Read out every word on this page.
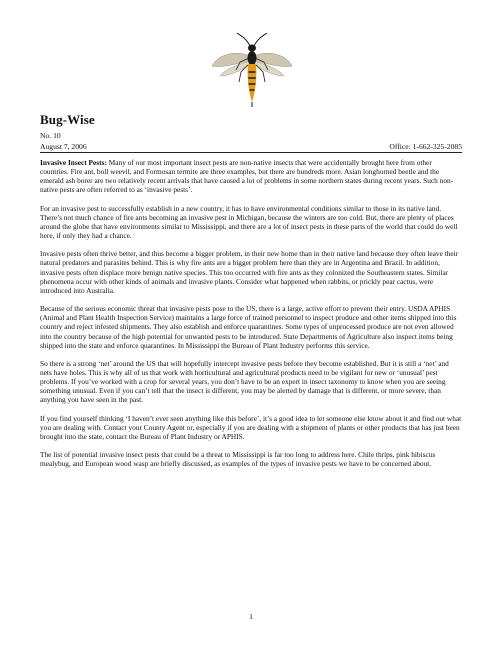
Bug-Wise
No. 10
August 7, 2006	Office: 1-662-325-2085

Invasive Insect Pests: Many of our most important insect pests are non-native insects that were accidentally brought here from other countries. Fire ant, boll weevil, and Formosan termite are three examples, but there are hundreds more. Asian longhorned beetle and the emerald ash borer are two relatively recent arrivals that have caused a lot of problems in some northern states during recent years. Such non-native pests are often referred to as ‘invasive pests’.

For an invasive pest to successfully establish in a new country, it has to have environmental conditions similar to those in its native land. There’s not much chance of fire ants becoming an invasive pest in Michigan, because the winters are too cold. But, there are plenty of places around the globe that have environments similar to Mississippi, and there are a lot of insect pests in these parts of the world that could do well here, if only they had a chance.

Invasive pests often thrive better, and thus become a bigger problem, in their new home than in their native land because they often leave their natural predators and parasites behind. This is why fire ants are a bigger problem here than they are in Argentina and Brazil. In addition, invasive pests often displace more benign native species. This too occurred with fire ants as they colonized the Southeastern states. Similar phenomena occur with other kinds of animals and invasive plants. Consider what happened when rabbits, or prickly pear cactus, were introduced into Australia.

Because of the serious economic threat that invasive pests pose to the US, there is a large, active effort to prevent their entry. USDA APHIS (Animal and Plant Health Inspection Service) maintains a large force of trained personnel to inspect produce and other items shipped into this country and reject infested shipments. They also establish and enforce quarantines. Some types of unprocessed produce are not even allowed into the country because of the high potential for unwanted pests to be introduced. State Departments of Agriculture also inspect items being shipped into the state and enforce quarantines. In Mississippi the Bureau of Plant Industry performs this service.

So there is a strong ‘net’ around the US that will hopefully intercept invasive pests before they become established. But it is still a ‘net’ and nets have holes. This is why all of us that work with horticultural and agricultural products need to be vigilant for new or ‘unusual’ pest problems. If you’ve worked with a crop for several years, you don’t have to be an expert in insect taxonomy to know when you are seeing something unusual. Even if you can’t tell that the insect is different, you may be alerted by damage that is different, or more severe, than anything you have seen in the past.

If you find yourself thinking ‘I haven’t ever seen anything like this before’, it’s a good idea to let someone else know about it and find out what you are dealing with. Contact your County Agent or, especially if you are dealing with a shipment of plants or other products that has just been brought into the state, contact the Bureau of Plant Industry or APHIS.

The list of potential invasive insect pests that could be a threat to Mississippi is far too long to address here. Chile thrips, pink hibiscus mealybug, and European wood wasp are briefly discussed, as examples of the types of invasive pests we have to be concerned about.

1
